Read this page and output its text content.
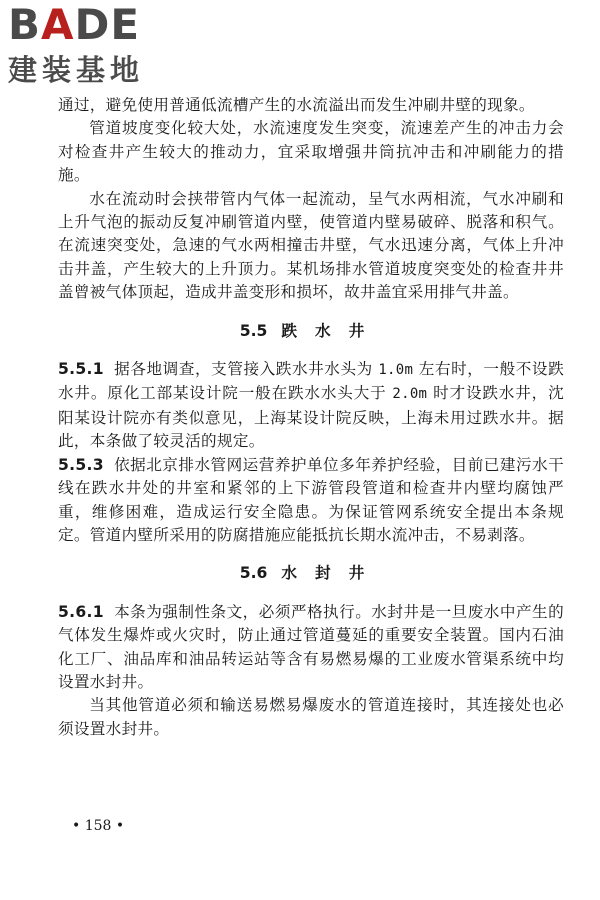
BADE
建装基地

通过，避免使用普通低流槽产生的水流溢出而发生冲刷井壁的现象。

管道坡度变化较大处，水流速度发生突变，流速差产生的冲击力会对检查井产生较大的推动力，宜采取增强井筒抗冲击和冲刷能力的措施。

水在流动时会挟带管内气体一起流动，呈气水两相流，气水冲刷和上升气泡的振动反复冲刷管道内壁，使管道内壁易破碎、脱落和积气。在流速突变处，急速的气水两相撞击井壁，气水迅速分离，气体上升冲击井盖，产生较大的上升顶力。某机场排水管道坡度突变处的检查井井盖曾被气体顶起，造成井盖变形和损坏，故井盖宜采用排气井盖。

5.5 跌水井

5.5.1 据各地调查，支管接入跌水井水头为 1.0m 左右时，一般不设跌水井。原化工部某设计院一般在跌水水头大于 2.0m 时才设跌水井，沈阳某设计院亦有类似意见，上海某设计院反映，上海未用过跌水井。据此，本条做了较灵活的规定。

5.5.3 依据北京排水管网运营养护单位多年养护经验，目前已建污水干线在跌水井处的井室和紧邻的上下游管段管道和检查井内壁均腐蚀严重，维修困难，造成运行安全隐患。为保证管网系统安全提出本条规定。管道内壁所采用的防腐措施应能抵抗长期水流冲击，不易剥落。

5.6 水封井

5.6.1 本条为强制性条文，必须严格执行。水封井是一旦废水中产生的气体发生爆炸或火灾时，防止通过管道蔓延的重要安全装置。国内石油化工厂、油品库和油品转运站等含有易燃易爆的工业废水管渠系统中均设置水封井。

当其他管道必须和输送易燃易爆废水的管道连接时，其连接处也必须设置水封井。

• 158 •
